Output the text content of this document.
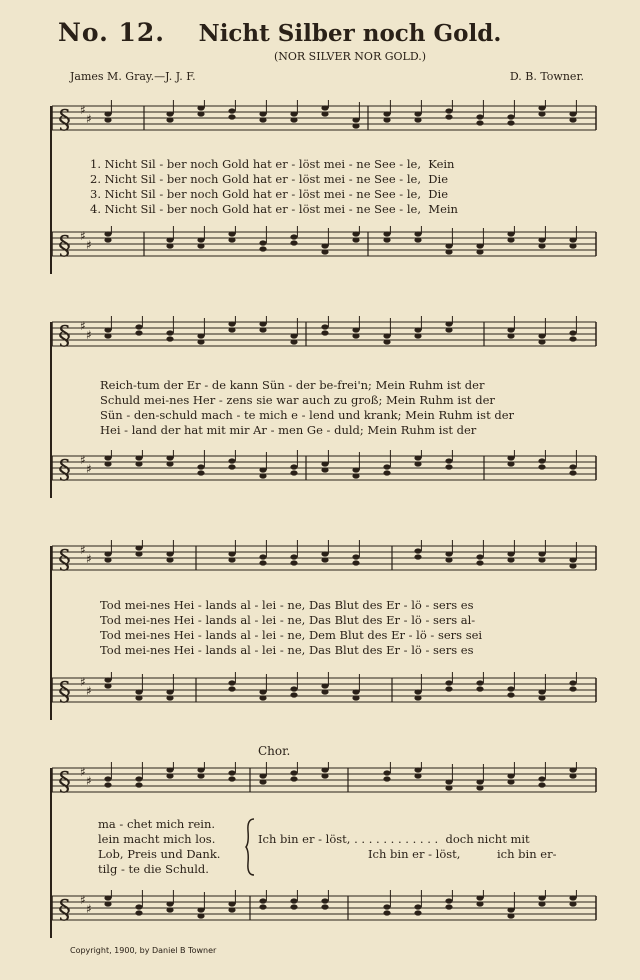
No. 12.	Nicht Silber noch Gold.
(NOR SILVER NOR GOLD.)
James M. Gray.—J. J. F.	D. B. Towner.
§ ♯
♯
§ ♯
♯
1. Nicht Sil - ber noch Gold hat er - löst mei - ne See - le,  Kein
2. Nicht Sil - ber noch Gold hat er - löst mei - ne See - le,  Die
3. Nicht Sil - ber noch Gold hat er - löst mei - ne See - le,  Die
4. Nicht Sil - ber noch Gold hat er - löst mei - ne See - le,  Mein
§ ♯
♯
§ ♯
♯
Reich-tum der Er - de kann Sün - der be-frei'n; Mein Ruhm ist der
Schuld mei-nes Her - zens sie war auch zu groß; Mein Ruhm ist der
Sün - den-schuld mach - te mich e - lend und krank; Mein Ruhm ist der
Hei - land der hat mit mir Ar - men Ge - duld; Mein Ruhm ist der
§ ♯
♯
§ ♯
♯
Tod mei-nes Hei - lands al - lei - ne, Das Blut des Er - lö - sers es
Tod mei-nes Hei - lands al - lei - ne, Das Blut des Er - lö - sers al-
Tod mei-nes Hei - lands al - lei - ne, Dem Blut des Er - lö - sers sei
Tod mei-nes Hei - lands al - lei - ne, Das Blut des Er - lö - sers es
Chor.
§ ♯
♯
§ ♯
♯
ma - chet mich rein.
lein macht mich los.
Lob, Preis und Dank.
tilg - te die Schuld.
Ich bin er - löst, . . . . . . . . . . . .  doch nicht mit
Ich bin er - löst,          ich bin er-
Copyright, 1900, by Daniel B Towner
